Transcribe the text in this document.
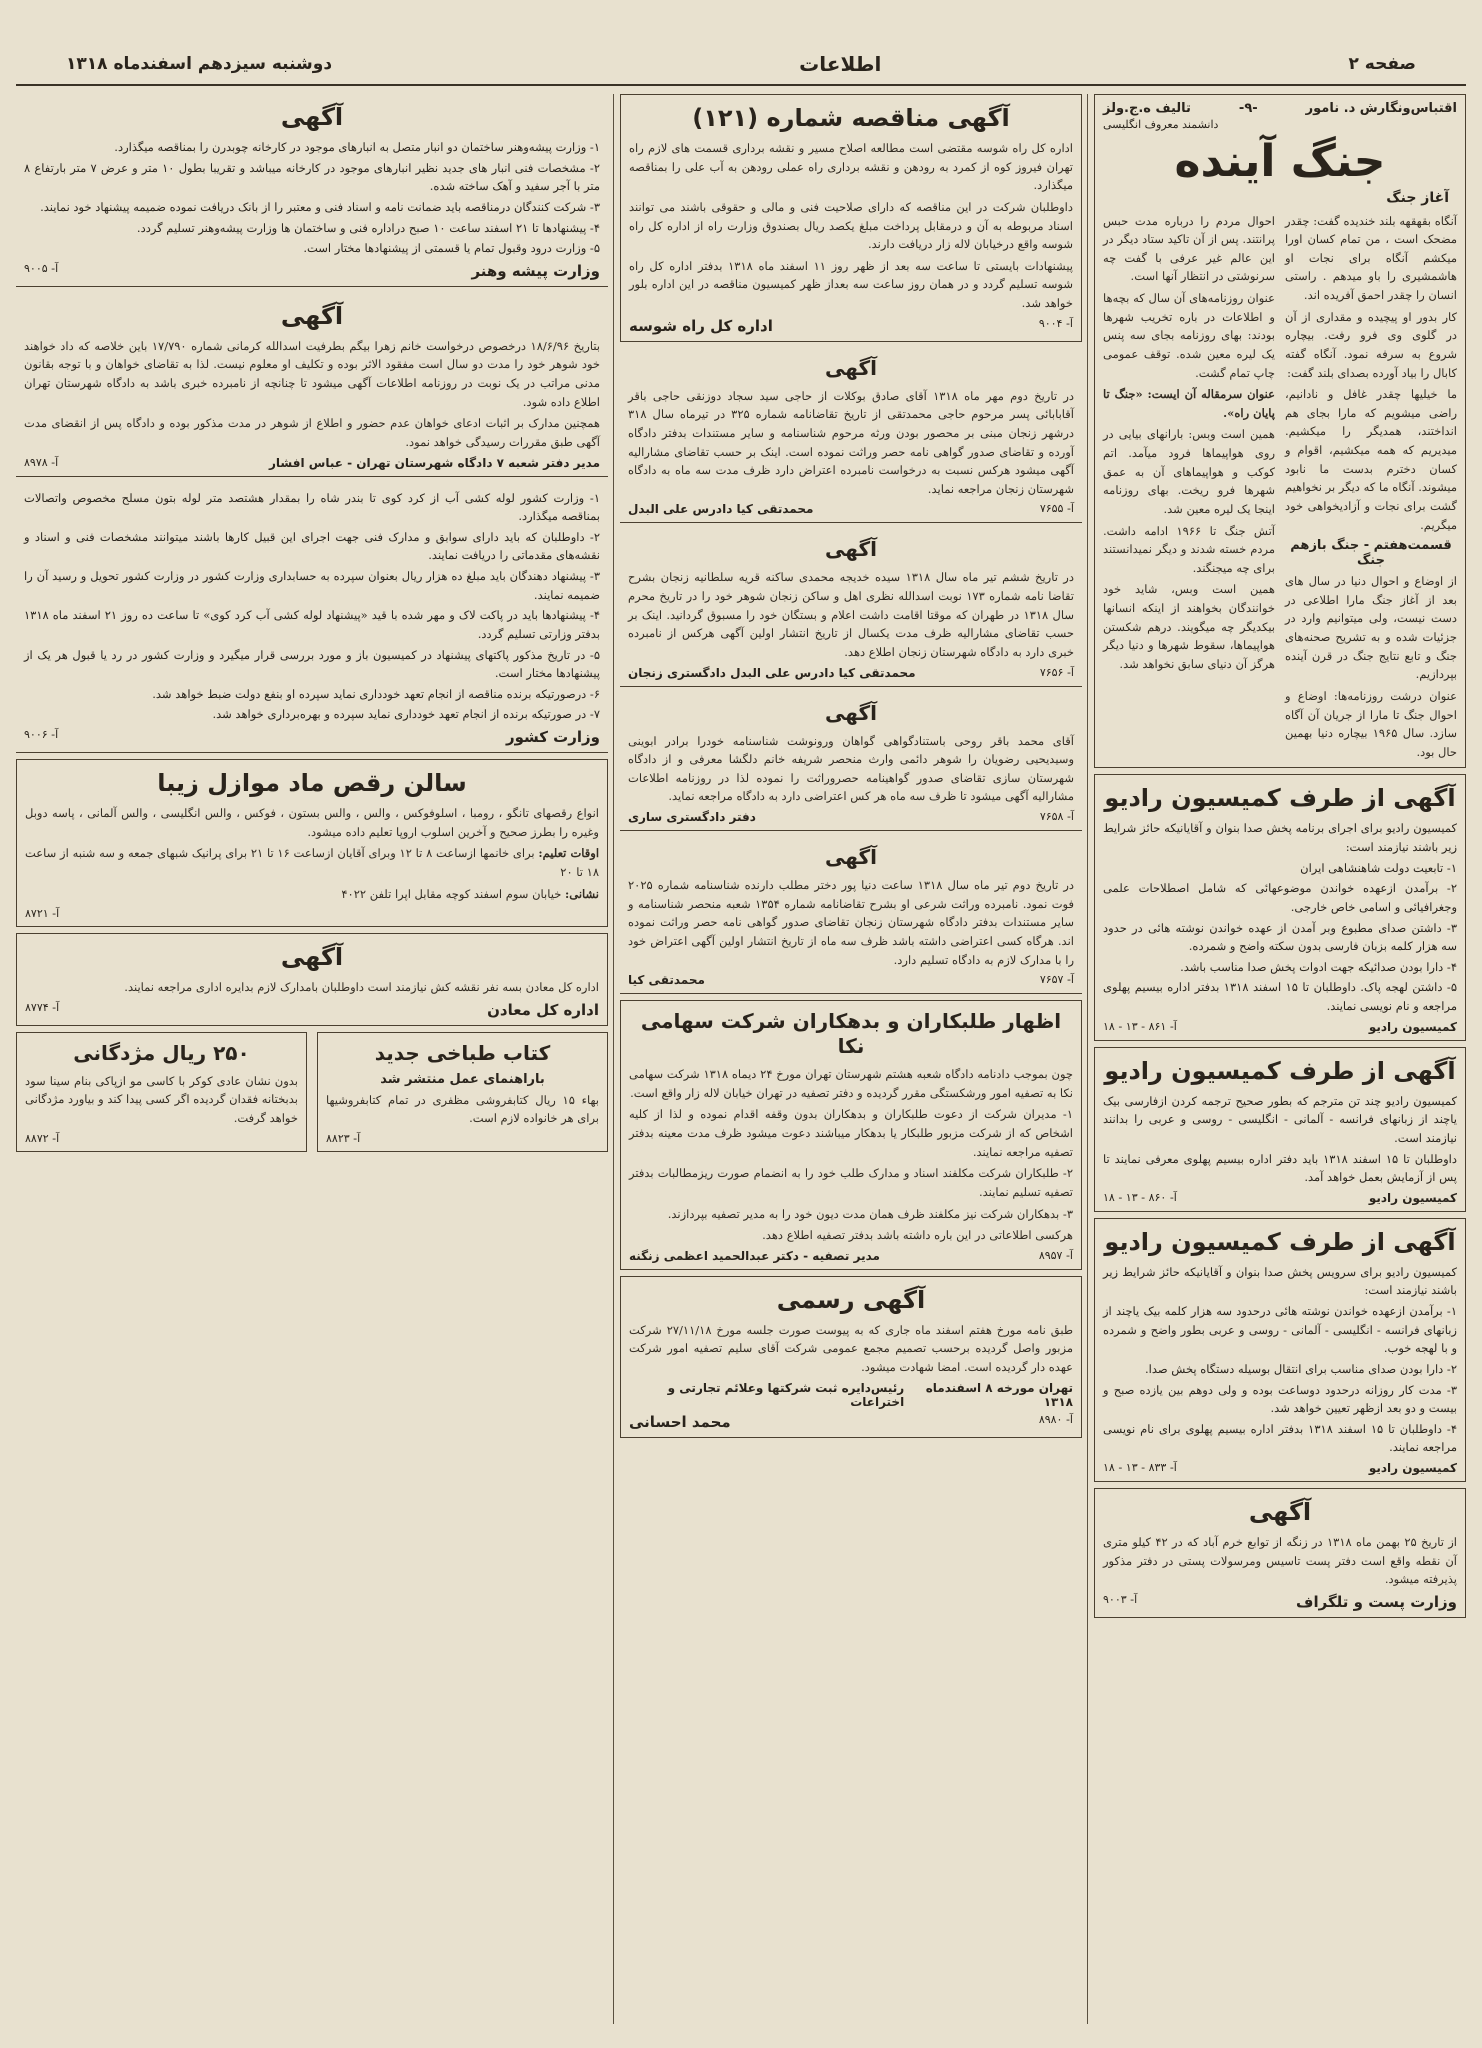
صفحه ۲
اطلاعات
دوشنبه سیزدهم اسفندماه ۱۳۱۸
اقتباس‌ونگارش د. نامور
-۹-
تالیف ه.ج.ولز
دانشمند معروف انگلیسی
جنگ آینده
آغاز جنگ

آنگاه بقهقهه بلند خندیده گفت: چقدر مضحک است ، من تمام کسان اورا میکشم آنگاه برای نجات او هاشمشیری را باو میدهم . راستی انسان را چقدر احمق آفریده اند.

کار بدور او پیچیده و مقداری از آن در گلوی وی فرو رفت. بیچاره شروع به سرفه نمود. آنگاه گفته کابال را بیاد آورده بصدای بلند گفت:

ما خیلیها چقدر غافل و نادانیم، راضی میشویم که مارا بجای هم انداختند، همدیگر را میکشیم. میدیریم که همه میکشیم، اقوام و کسان دخترم بدست ما نابود میشوند. آنگاه ما که دیگر بر نخواهیم گشت برای نجات و آزادیخواهی خود میگریم.

قسمت‌هفتم - جنگ بازهم جنگ

از اوضاع و احوال دنیا در سال های بعد از آغاز جنگ مارا اطلاعی در دست نیست، ولی میتوانیم وارد در جزئیات شده و به تشریح صحنه‌های جنگ و تابع نتایج جنگ در قرن آینده بپردازیم.

عنوان درشت روزنامه‌ها: اوضاع و احوال جنگ تا مارا از جریان آن آگاه سازد. سال ۱۹۶۵ بیچاره دنیا بهمین حال بود.

احوال مردم را درباره مدت حبس پرانتند. پس از آن تاکید ستاد دیگر در این عالم غیر عرفی با گفت چه سرنوشتی در انتظار آنها است.

عنوان روزنامه‌های آن سال که بچه‌ها و اطلاعات در باره تخریب شهرها بودند: بهای روزنامه بجای سه پنس یک لیره معین شده. توقف عمومی چاپ تمام گشت.

عنوان سرمقاله آن ایست: «جنگ تا پایان راه».

همین است وبس: بارانهای بیایی در روی هواپیماها فرود میآمد. اتم کوکب و هواپیماهای آن به عمق شهرها فرو ریخت. بهای روزنامه اینجا یک لیره معین شد.

آتش جنگ تا ۱۹۶۶ ادامه داشت. مردم خسته شدند و دیگر نمیدانستند برای چه میجنگند.

همین است وبس، شاید خود خوانندگان بخواهند از اینکه انسانها بیکدیگر چه میگویند. درهم شکستن هواپیماها، سقوط شهرها و دنیا دیگر هرگز آن دنیای سابق نخواهد شد.

آگهی از طرف کمیسیون رادیو
کمیسیون رادیو برای اجرای برنامه پخش صدا بنوان و آقایانیکه حائز شرایط زیر باشند نیازمند است:
۱- تابعیت دولت شاهنشاهی ایران
۲- برآمدن ازعهده خواندن موضوعهائی که شامل اصطلاحات علمی وجغرافیائی و اسامی خاص خارجی.
۳- داشتن صدای مطبوع وبر آمدن از عهده خواندن نوشته هائی در حدود سه هزار کلمه بزبان فارسی بدون سکته واضح و شمرده.
۴- دارا بودن صدائیکه جهت ادوات پخش صدا مناسب باشد.
۵- داشتن لهجه پاک. داوطلبان تا ۱۵ اسفند ۱۳۱۸ بدفتر اداره بیسیم پهلوی مراجعه و نام نویسی نمایند.
کمیسیون رادیو
آ- ۸۶۱ - ۱۳ - ۱۸
آگهی از طرف کمیسیون رادیو
کمیسیون رادیو چند تن مترجم که بطور صحیح ترجمه کردن ازفارسی بیک یاچند از زبانهای فرانسه - آلمانی - انگلیسی - روسی و عربی را بدانند نیازمند است.
داوطلبان تا ۱۵ اسفند ۱۳۱۸ باید دفتر اداره بیسیم پهلوی معرفی نمایند تا پس از آزمایش بعمل خواهد آمد.
کمیسیون رادیو
آ- ۸۶۰ - ۱۳ - ۱۸
آگهی از طرف کمیسیون رادیو
کمیسیون رادیو برای سرویس پخش صدا بنوان و آقایانیکه حائز شرایط زیر باشند نیازمند است:
۱- برآمدن ازعهده خواندن نوشته هائی درحدود سه هزار کلمه بیک یاچند از زبانهای فرانسه - انگلیسی - آلمانی - روسی و عربی بطور واضح و شمرده و با لهجه خوب.
۲- دارا بودن صدای مناسب برای انتقال بوسیله دستگاه پخش صدا.
۳- مدت کار روزانه درحدود دوساعت بوده و ولی دوهم بین یازده صبح و بیست و دو بعد ازظهر تعیین خواهد شد.
۴- داوطلبان تا ۱۵ اسفند ۱۳۱۸ بدفتر اداره بیسیم پهلوی برای نام نویسی مراجعه نمایند.
کمیسیون رادیو
آ- ۸۳۳ - ۱۳ - ۱۸
آگهی

از تاریخ ۲۵ بهمن ماه ۱۳۱۸ در زنگه از توابع خرم آباد که در ۴۲ کیلو متری آن نقطه واقع است دفتر پست تاسیس ومرسولات پستی در دفتر مذکور پذیرفته میشود.

وزارت پست و تلگراف
آ- ۹۰۰۳
آگهی مناقصه شماره (۱۲۱)

اداره کل راه شوسه مقتضی است مطالعه اصلاح مسیر و نقشه برداری قسمت های لازم راه تهران فیروز کوه از کمرد به رودهن و نقشه برداری راه عملی رودهن به آب علی را بمناقصه میگذارد.

داوطلبان شرکت در این مناقصه که دارای صلاحیت فنی و مالی و حقوقی باشند می توانند اسناد مربوطه به آن و درمقابل پرداخت مبلغ یکصد ریال بصندوق وزارت راه از اداره کل راه شوسه واقع درخیابان لاله زار دریافت دارند.

پیشنهادات بایستی تا ساعت سه بعد از ظهر روز ۱۱ اسفند ماه ۱۳۱۸ بدفتر اداره کل راه شوسه تسلیم گردد و در همان روز ساعت سه بعداز ظهر کمیسیون مناقصه در این اداره بلور خواهد شد.

آ- ۹۰۰۴
اداره کل راه شوسه
آگهی

در تاریخ دوم مهر ماه ۱۳۱۸ آقای صادق بوکلات از حاجی سید سجاد دوزنقی حاجی باقر آقابابائی پسر مرحوم حاجی محمدتقی از تاریخ تقاضانامه شماره ۳۲۵ در تیرماه سال ۳۱۸ درشهر زنجان مبنی بر محصور بودن ورثه مرحوم شناسنامه و سایر مستندات بدفتر دادگاه آورده و تقاضای صدور گواهی نامه حصر وراثت نموده است. اینک بر حسب تقاضای مشارالیه آگهی میشود هرکس نسبت به درخواست نامبرده اعتراض دارد ظرف مدت سه ماه به دادگاه شهرستان زنجان مراجعه نماید.

آ- ۷۶۵۵
محمدتقی کیا دادرس علی البدل
آگهی

در تاریخ ششم تیر ماه سال ۱۳۱۸ سیده خدیجه محمدی ساکنه قریه سلطانیه زنجان بشرح تقاضا نامه شماره ۱۷۳ نوبت اسدالله نظری اهل و ساکن زنجان شوهر خود را در تاریخ محرم سال ۱۳۱۸ در طهران که موقتا اقامت داشت اعلام و بستگان خود را مسبوق گردانید. اینک بر حسب تقاضای مشارالیه ظرف مدت یکسال از تاریخ انتشار اولین آگهی هرکس از نامبرده خبری دارد به دادگاه شهرستان زنجان اطلاع دهد.

آ- ۷۶۵۶
محمدتقی کیا دادرس علی البدل دادگستری زنجان
آگهی

آقای محمد باقر روحی باستنادگواهی گواهان ورونوشت شناسنامه خودرا برادر ابوینی وسیدیحیی رضویان را شوهر دائمی وارث منحصر شریفه خانم دلگشا معرفی و از دادگاه شهرستان سازی تقاضای صدور گواهینامه حصروراثت را نموده لذا در روزنامه اطلاعات مشارالیه آگهی میشود تا ظرف سه ماه هر کس اعتراضی دارد به دادگاه مراجعه نماید.

آ- ۷۶۵۸
دفتر دادگستری ساری
آگهی

در تاریخ دوم تیر ماه سال ۱۳۱۸ ساعت دنیا پور دختر مطلب دارنده شناسنامه شماره ۲۰۲۵ فوت نمود. نامبرده وراثت شرعی او بشرح تقاضانامه شماره ۱۳۵۴ شعبه منحصر شناسنامه و سایر مستندات بدفتر دادگاه شهرستان زنجان تقاضای صدور گواهی نامه حصر وراثت نموده اند. هرگاه کسی اعتراضی داشته باشد ظرف سه ماه از تاریخ انتشار اولین آگهی اعتراض خود را با مدارک لازم به دادگاه تسلیم دارد.

آ- ۷۶۵۷
محمدتقی کیا
اظهار طلبکاران و بدهکاران شرکت سهامی نکا

چون بموجب دادنامه دادگاه شعبه هشتم شهرستان تهران مورخ ۲۴ دیماه ۱۳۱۸ شرکت سهامی نکا به تصفیه امور ورشکستگی مقرر گردیده و دفتر تصفیه در تهران خیابان لاله زار واقع است.

۱- مدیران شرکت از دعوت طلبکاران و بدهکاران بدون وقفه اقدام نموده و لذا از کلیه اشخاص که از شرکت مزبور طلبکار یا بدهکار میباشند دعوت میشود ظرف مدت معینه بدفتر تصفیه مراجعه نمایند.

۲- طلبکاران شرکت مکلفند اسناد و مدارک طلب خود را به انضمام صورت ریزمطالبات بدفتر تصفیه تسلیم نمایند.

۳- بدهکاران شرکت نیز مکلفند ظرف همان مدت دیون خود را به مدیر تصفیه بپردازند.

هرکسی اطلاعاتی در این باره داشته باشد بدفتر تصفیه اطلاع دهد.

آ- ۸۹۵۷
مدیر تصفیه - دکتر عبدالحمید اعظمی زنگنه
آگهی رسمی

طبق نامه مورخ هفتم اسفند ماه جاری که به پیوست صورت جلسه مورخ ۲۷/۱۱/۱۸ شرکت مزبور واصل گردیده برحسب تصمیم مجمع عمومی شرکت آقای سلیم تصفیه امور شرکت عهده دار گردیده است. امضا شهادت میشود.

تهران مورخه ۸ اسفندماه ۱۳۱۸
رئیس‌دایره ثبت شرکتها وعلائم تجارتی و اختراعات
آ- ۸۹۸۰
محمد احسانی
آگهی
۱- وزارت پیشه‌وهنر ساختمان دو انبار متصل به انبارهای موجود در کارخانه چوبدرن را بمناقصه میگذارد.
۲- مشخصات فنی انبار های جدید نظیر انبارهای موجود در کارخانه میباشد و تقریبا بطول ۱۰ متر و عرض ۷ متر بارتفاع ۸ متر با آجر سفید و آهک ساخته شده.
۳- شرکت کنندگان درمناقصه باید ضمانت نامه و اسناد فنی و معتبر را از بانک دریافت نموده ضمیمه پیشنهاد خود نمایند.
۴- پیشنهادها تا ۲۱ اسفند ساعت ۱۰ صبح دراداره فنی و ساختمان ها وزارت پیشه‌وهنر تسلیم گردد.
۵- وزارت درود وقبول تمام یا قسمتی از پیشنهادها مختار است.
وزارت پیشه وهنر
آ- ۹۰۰۵
آگهی

بتاریخ ۱۸/۶/۹۶ درخصوص درخواست خانم زهرا بیگم بطرفیت اسدالله کرمانی شماره ۱۷/۷۹۰ باین خلاصه که داد خواهند خود شوهر خود را مدت دو سال است مفقود الاثر بوده و تکلیف او معلوم نیست. لذا به تقاضای خواهان و با توجه بقانون مدنی مراتب در یک نوبت در روزنامه اطلاعات آگهی میشود تا چنانچه از نامبرده خبری باشد به دادگاه شهرستان تهران اطلاع داده شود.

همچنین مدارک بر اثبات ادعای خواهان عدم حضور و اطلاع از شوهر در مدت مذکور بوده و دادگاه پس از انقضای مدت آگهی طبق مقررات رسیدگی خواهد نمود.

مدیر دفتر شعبه ۷ دادگاه شهرستان تهران - عباس افشار
آ- ۸۹۷۸
۱- وزارت کشور لوله کشی آب از کرد کوی تا بندر شاه را بمقدار هشتصد متر لوله بتون مسلح مخصوص واتصالات بمناقصه میگذارد.
۲- داوطلبان که باید دارای سوابق و مدارک فنی جهت اجرای این قبیل کارها باشند میتوانند مشخصات فنی و اسناد و نقشه‌های مقدماتی را دریافت نمایند.
۳- پیشنهاد دهندگان باید مبلغ ده هزار ریال بعنوان سپرده به حسابداری وزارت کشور در وزارت کشور تحویل و رسید آن را ضمیمه نمایند.
۴- پیشنهادها باید در پاکت لاک و مهر شده با قید «پیشنهاد لوله کشی آب کرد کوی» تا ساعت ده روز ۲۱ اسفند ماه ۱۳۱۸ بدفتر وزارتی تسلیم گردد.
۵- در تاریخ مذکور پاکتهای پیشنهاد در کمیسیون باز و مورد بررسی قرار میگیرد و وزارت کشور در رد یا قبول هر یک از پیشنهادها مختار است.
۶- درصورتیکه برنده مناقصه از انجام تعهد خودداری نماید سپرده او بنفع دولت ضبط خواهد شد.
۷- در صورتیکه برنده از انجام تعهد خودداری نماید سپرده و بهره‌برداری خواهد شد.
وزارت کشور
آ- ۹۰۰۶
سالن رقص ماد موازل زیبا

انواع رقصهای تانگو ، رومبا ، اسلوفوکس ، والس ، والس بستون ، فوکس ، والس انگلیسی ، والس آلمانی ، پاسه دوبل وغیره را بطرز صحیح و آخرین اسلوب اروپا تعلیم داده میشود.

اوقات تعلیم: برای خانمها ازساعت ۸ تا ۱۲ وبرای آقایان ازساعت ۱۶ تا ۲۱ برای پرانیک شبهای جمعه و سه شنبه از ساعت ۱۸ تا ۲۰

نشانی: خیابان سوم اسفند کوچه مقابل اپرا تلفن ۴۰۲۲

آ- ۸۷۲۱
آگهی

اداره کل معادن بسه نفر نقشه کش نیازمند است داوطلبان بامدارک لازم بدایره اداری مراجعه نمایند.

اداره کل معادن
آ- ۸۷۷۴
کتاب طباخی جدید
باراهنمای عمل منتشر شد

بهاء ۱۵ ریال کتابفروشی مظفری در تمام کتابفروشیها برای هر خانواده لازم است.

آ- ۸۸۲۳
۲۵۰ ریال مژدگانی

بدون نشان عادی کوکر با کاسی مو ازپاکی بنام سینا سود بدبختانه فقدان گردیده اگر کسی پیدا کند و بیاورد مژدگانی خواهد گرفت.

آ- ۸۸۷۲
